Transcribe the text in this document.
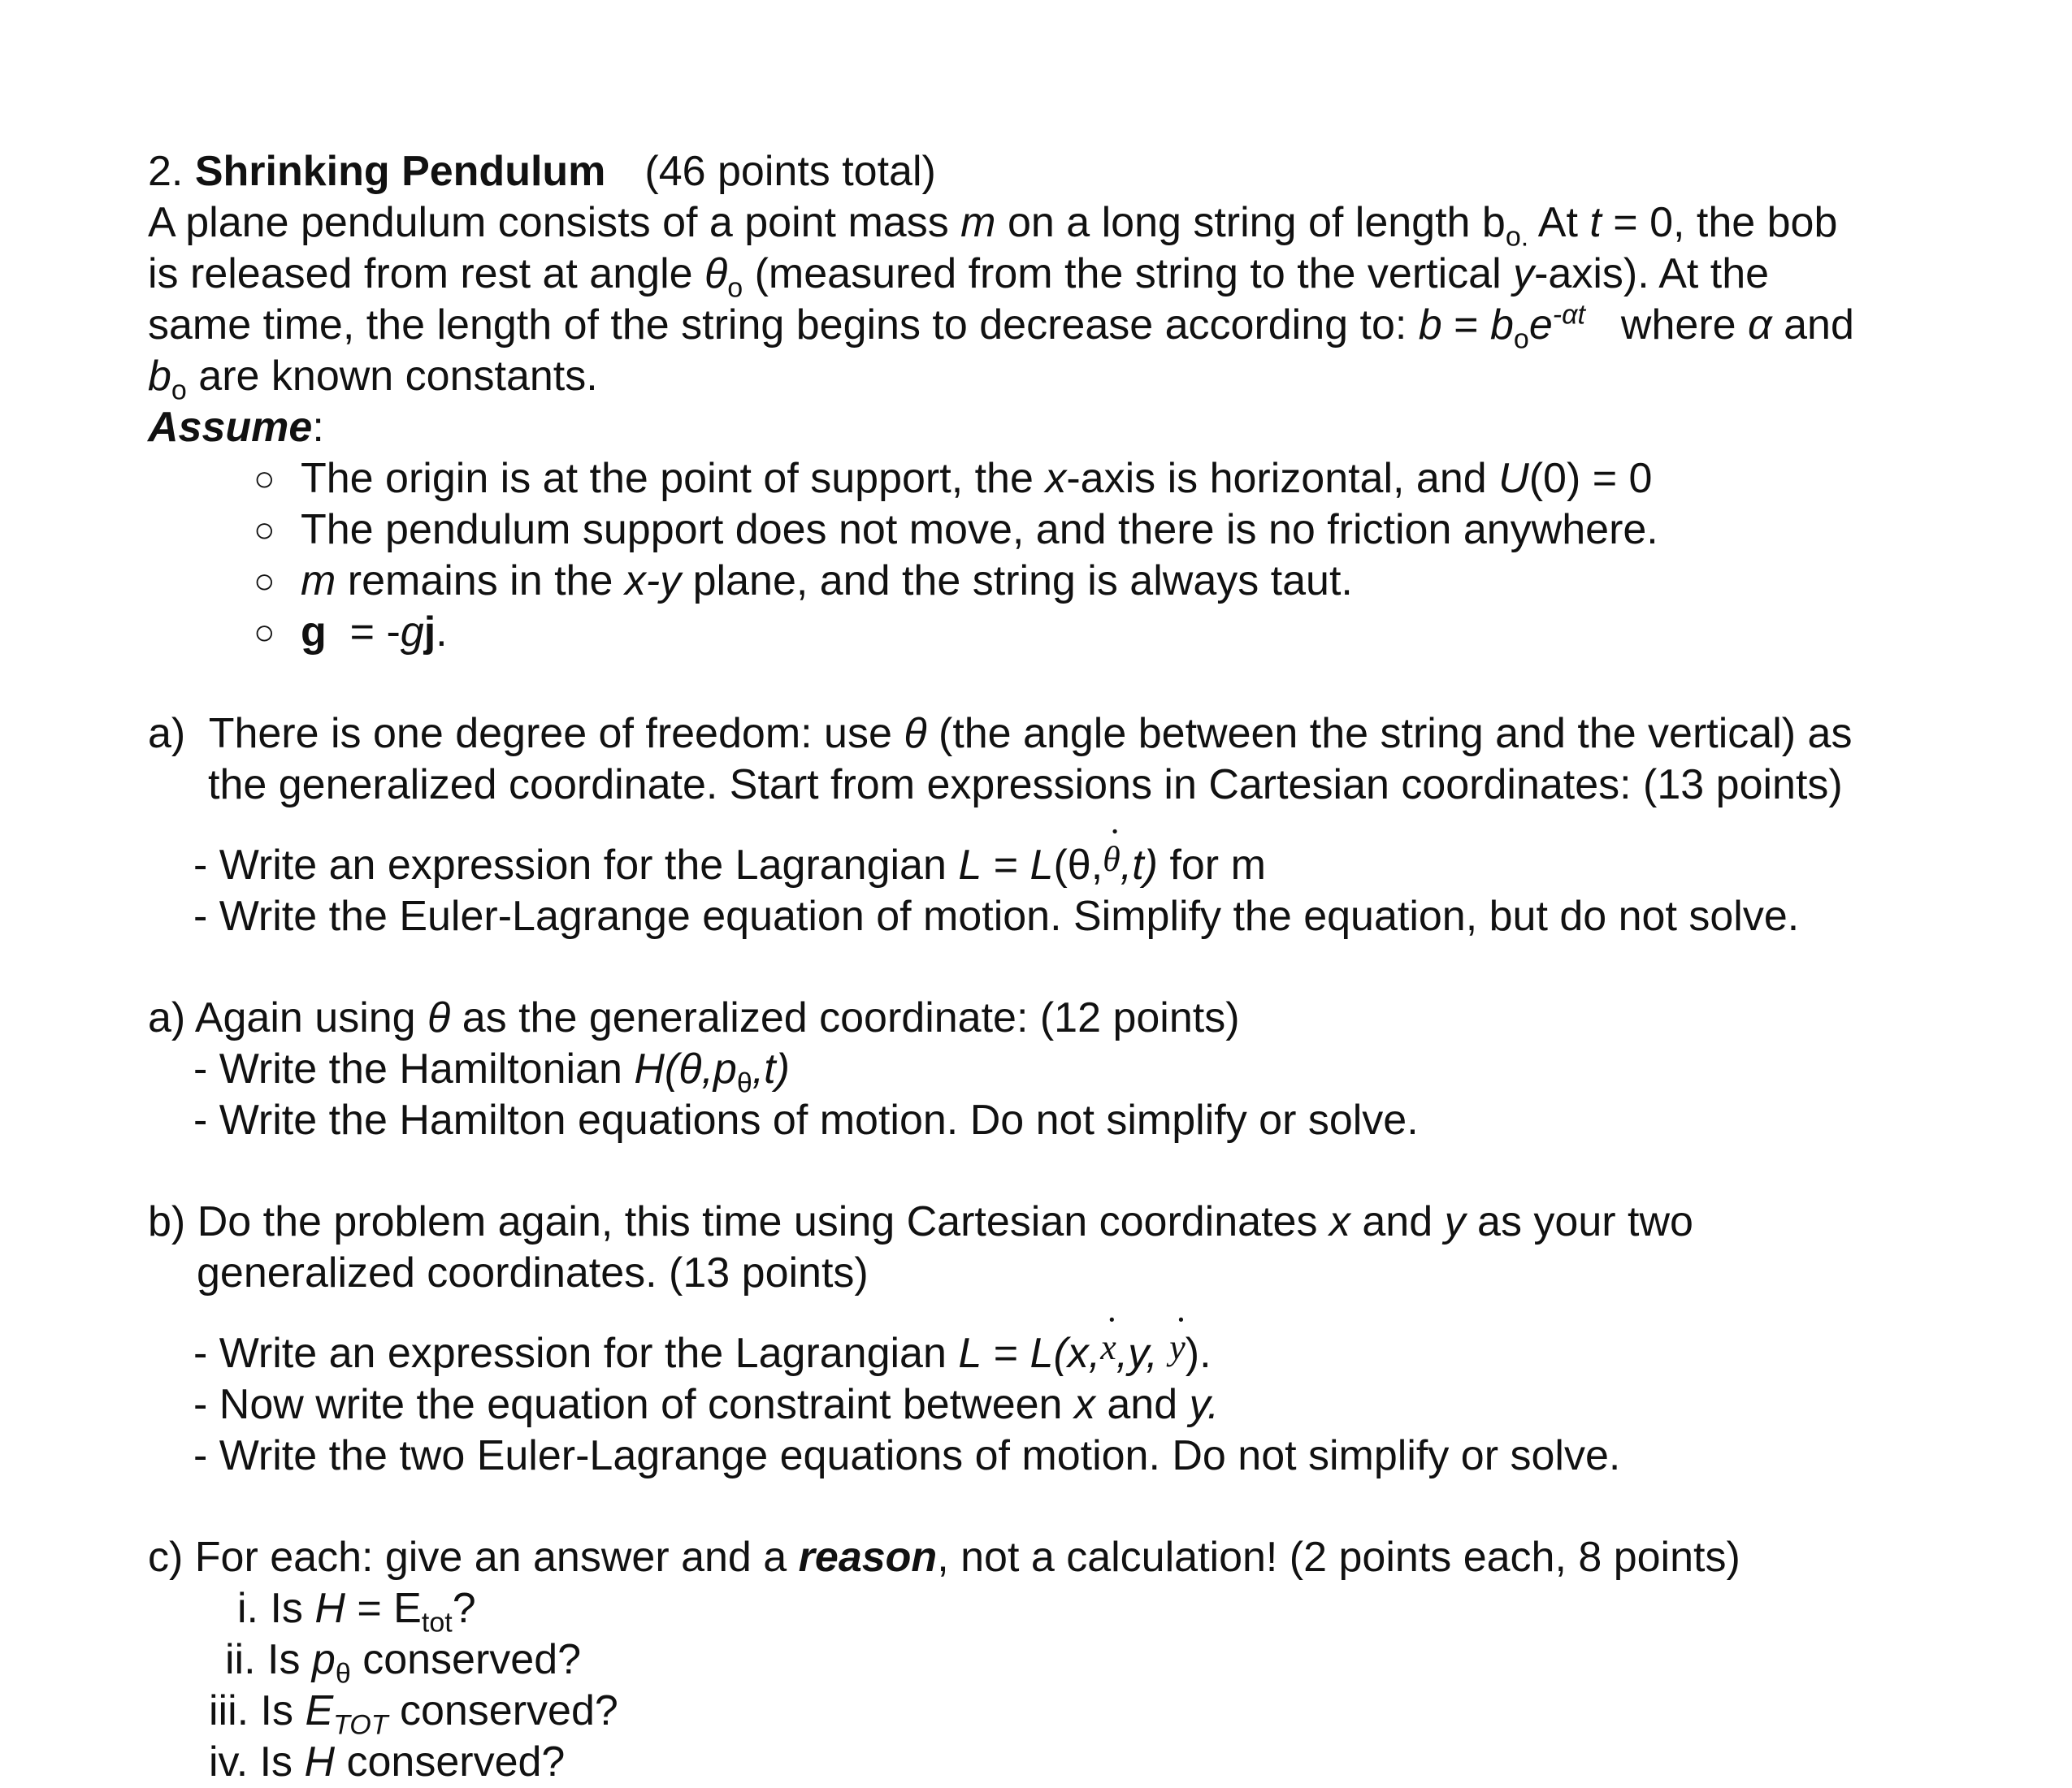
2. Shrinking Pendulum (46 points total)

A plane pendulum consists of a point mass m on a long string of length $b_{o.}$ At t = 0, the bob

is released from rest at angle $\theta_o$ (measured from the string to the vertical y-axis). At the

same time, the length of the string begins to decrease according to: $b = b_oe^{-\alpha t}$ where α and

$b_o$ are known constants.

Assume:

○ The origin is at the point of support, the x-axis is horizontal, and U(0) = 0

○ The pendulum support does not move, and there is no friction anywhere.

○ m remains in the x-y plane, and the string is always taut.

○ g  = -gj.

a) There is one degree of freedom: use θ (the angle between the string and the vertical) as

the generalized coordinate. Start from expressions in Cartesian coordinates: (13 points)

- Write an expression for the Lagrangian L = L(θ,θ ·,t) for m

- Write the Euler-Lagrange equation of motion. Simplify the equation, but do not solve.

a) Again using θ as the generalized coordinate: (12 points)

- Write the Hamiltonian $H(\theta,p_\theta,t)$

- Write the Hamilton equations of motion. Do not simplify or solve.

b) Do the problem again, this time using Cartesian coordinates x and y as your two

generalized coordinates. (13 points)

- Write an expression for the Lagrangian L = L(x,x ·,y, y ·).

- Now write the equation of constraint between x and y.

- Write the two Euler-Lagrange equations of motion. Do not simplify or solve.

c) For each: give an answer and a reason, not a calculation! (2 points each, 8 points)

i. Is $H = E_{tot}$?

ii. Is $p_\theta$ conserved?

iii. Is $E_{TOT}$ conserved?

iv. Is H conserved?
